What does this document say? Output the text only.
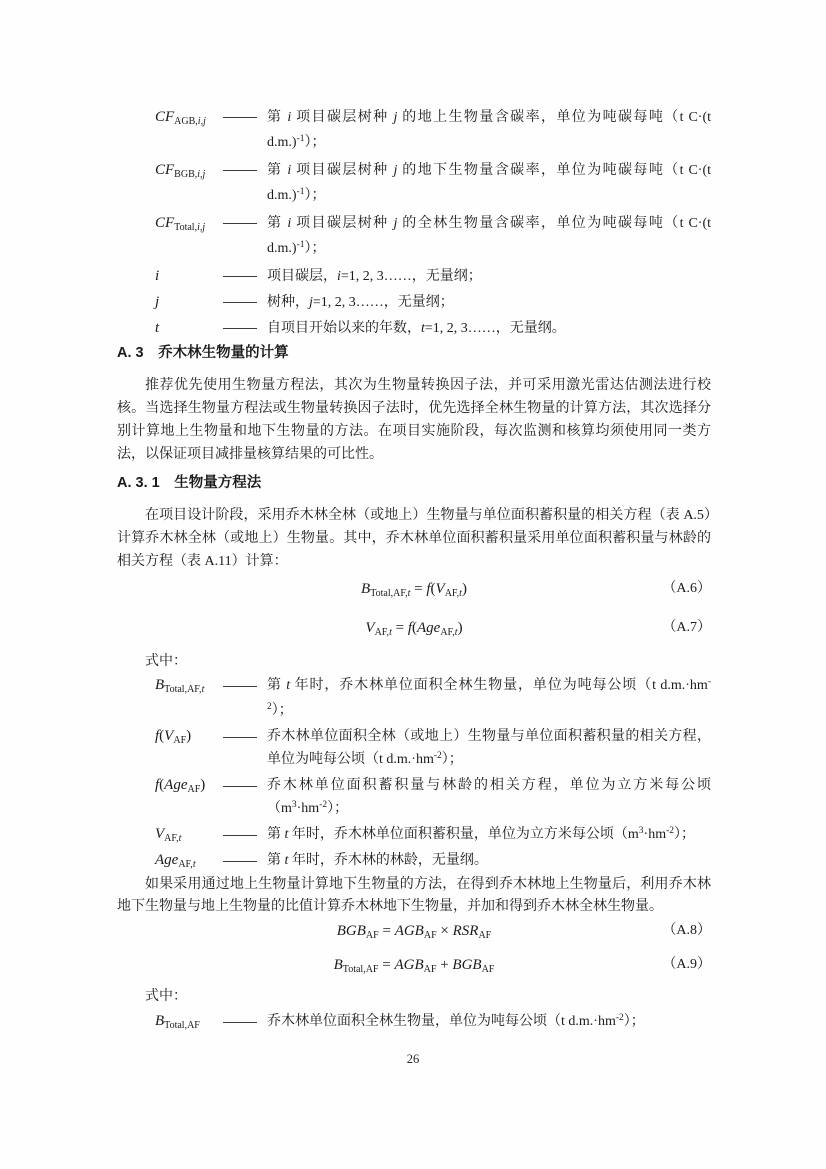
$CF_{AGB,i,j}$	第 i 项目碳层树种 j 的地上生物量含碳率，单位为吨碳每吨（t C·(t d.m.)$^{-1}$）；
$CF_{BGB,i,j}$	第 i 项目碳层树种 j 的地下生物量含碳率，单位为吨碳每吨（t C·(t d.m.)$^{-1}$）；
$CF_{Total,i,j}$	第 i 项目碳层树种 j 的全林生物量含碳率，单位为吨碳每吨（t C·(t d.m.)$^{-1}$）；
i	项目碳层，i=1, 2, 3……，无量纲；
j	树种，j=1, 2, 3……，无量纲；
t	自项目开始以来的年数，t=1, 2, 3……，无量纲。
A. 3　乔木林生物量的计算

推荐优先使用生物量方程法，其次为生物量转换因子法，并可采用激光雷达估测法进行校核。当选择生物量方程法或生物量转换因子法时，优先选择全林生物量的计算方法，其次选择分别计算地上生物量和地下生物量的方法。在项目实施阶段，每次监测和核算均须使用同一类方法，以保证项目减排量核算结果的可比性。

A. 3. 1　生物量方程法

在项目设计阶段，采用乔木林全林（或地上）生物量与单位面积蓄积量的相关方程（表 A.5）计算乔木林全林（或地上）生物量。其中，乔木林单位面积蓄积量采用单位面积蓄积量与林龄的相关方程（表 A.11）计算：

$B_{Total,AF,t} = f(V_{AF,t})$	（A.6）
$V_{AF,t} = f(Age_{AF,t})$	（A.7）
式中：
$B_{Total,AF,t}$	第 t 年时，乔木林单位面积全林生物量，单位为吨每公顷（t $d.m.\cdot hm^{-2}$）；
$f(V_{AF})$	乔木林单位面积全林（或地上）生物量与单位面积蓄积量的相关方程，单位为吨每公顷（t $d.m.\cdot hm^{-2}$）；
f(Age$_{AF}$)	乔木林单位面积蓄积量与林龄的相关方程，单位为立方米每公顷$(m^3\cdot hm^{-2})$；
$V_{AF,t}$	第 t 年时，乔木林单位面积蓄积量，单位为立方米每公顷$(m^3\cdot hm^{-2})$；
Age$_{AF,t}$	第 t 年时，乔木林的林龄，无量纲。

如果采用通过地上生物量计算地下生物量的方法，在得到乔木林地上生物量后，利用乔木林地下生物量与地上生物量的比值计算乔木林地下生物量，并加和得到乔木林全林生物量。

$BGB_{AF} = AGB_{AF} \times RSR_{AF}$	（A.8）
$B_{Total,AF} = AGB_{AF} + BGB_{AF}$	（A.9）
式中：
$B_{Total,AF}$	乔木林单位面积全林生物量，单位为吨每公顷（t $d.m.\cdot hm^{-2}$）；
26
